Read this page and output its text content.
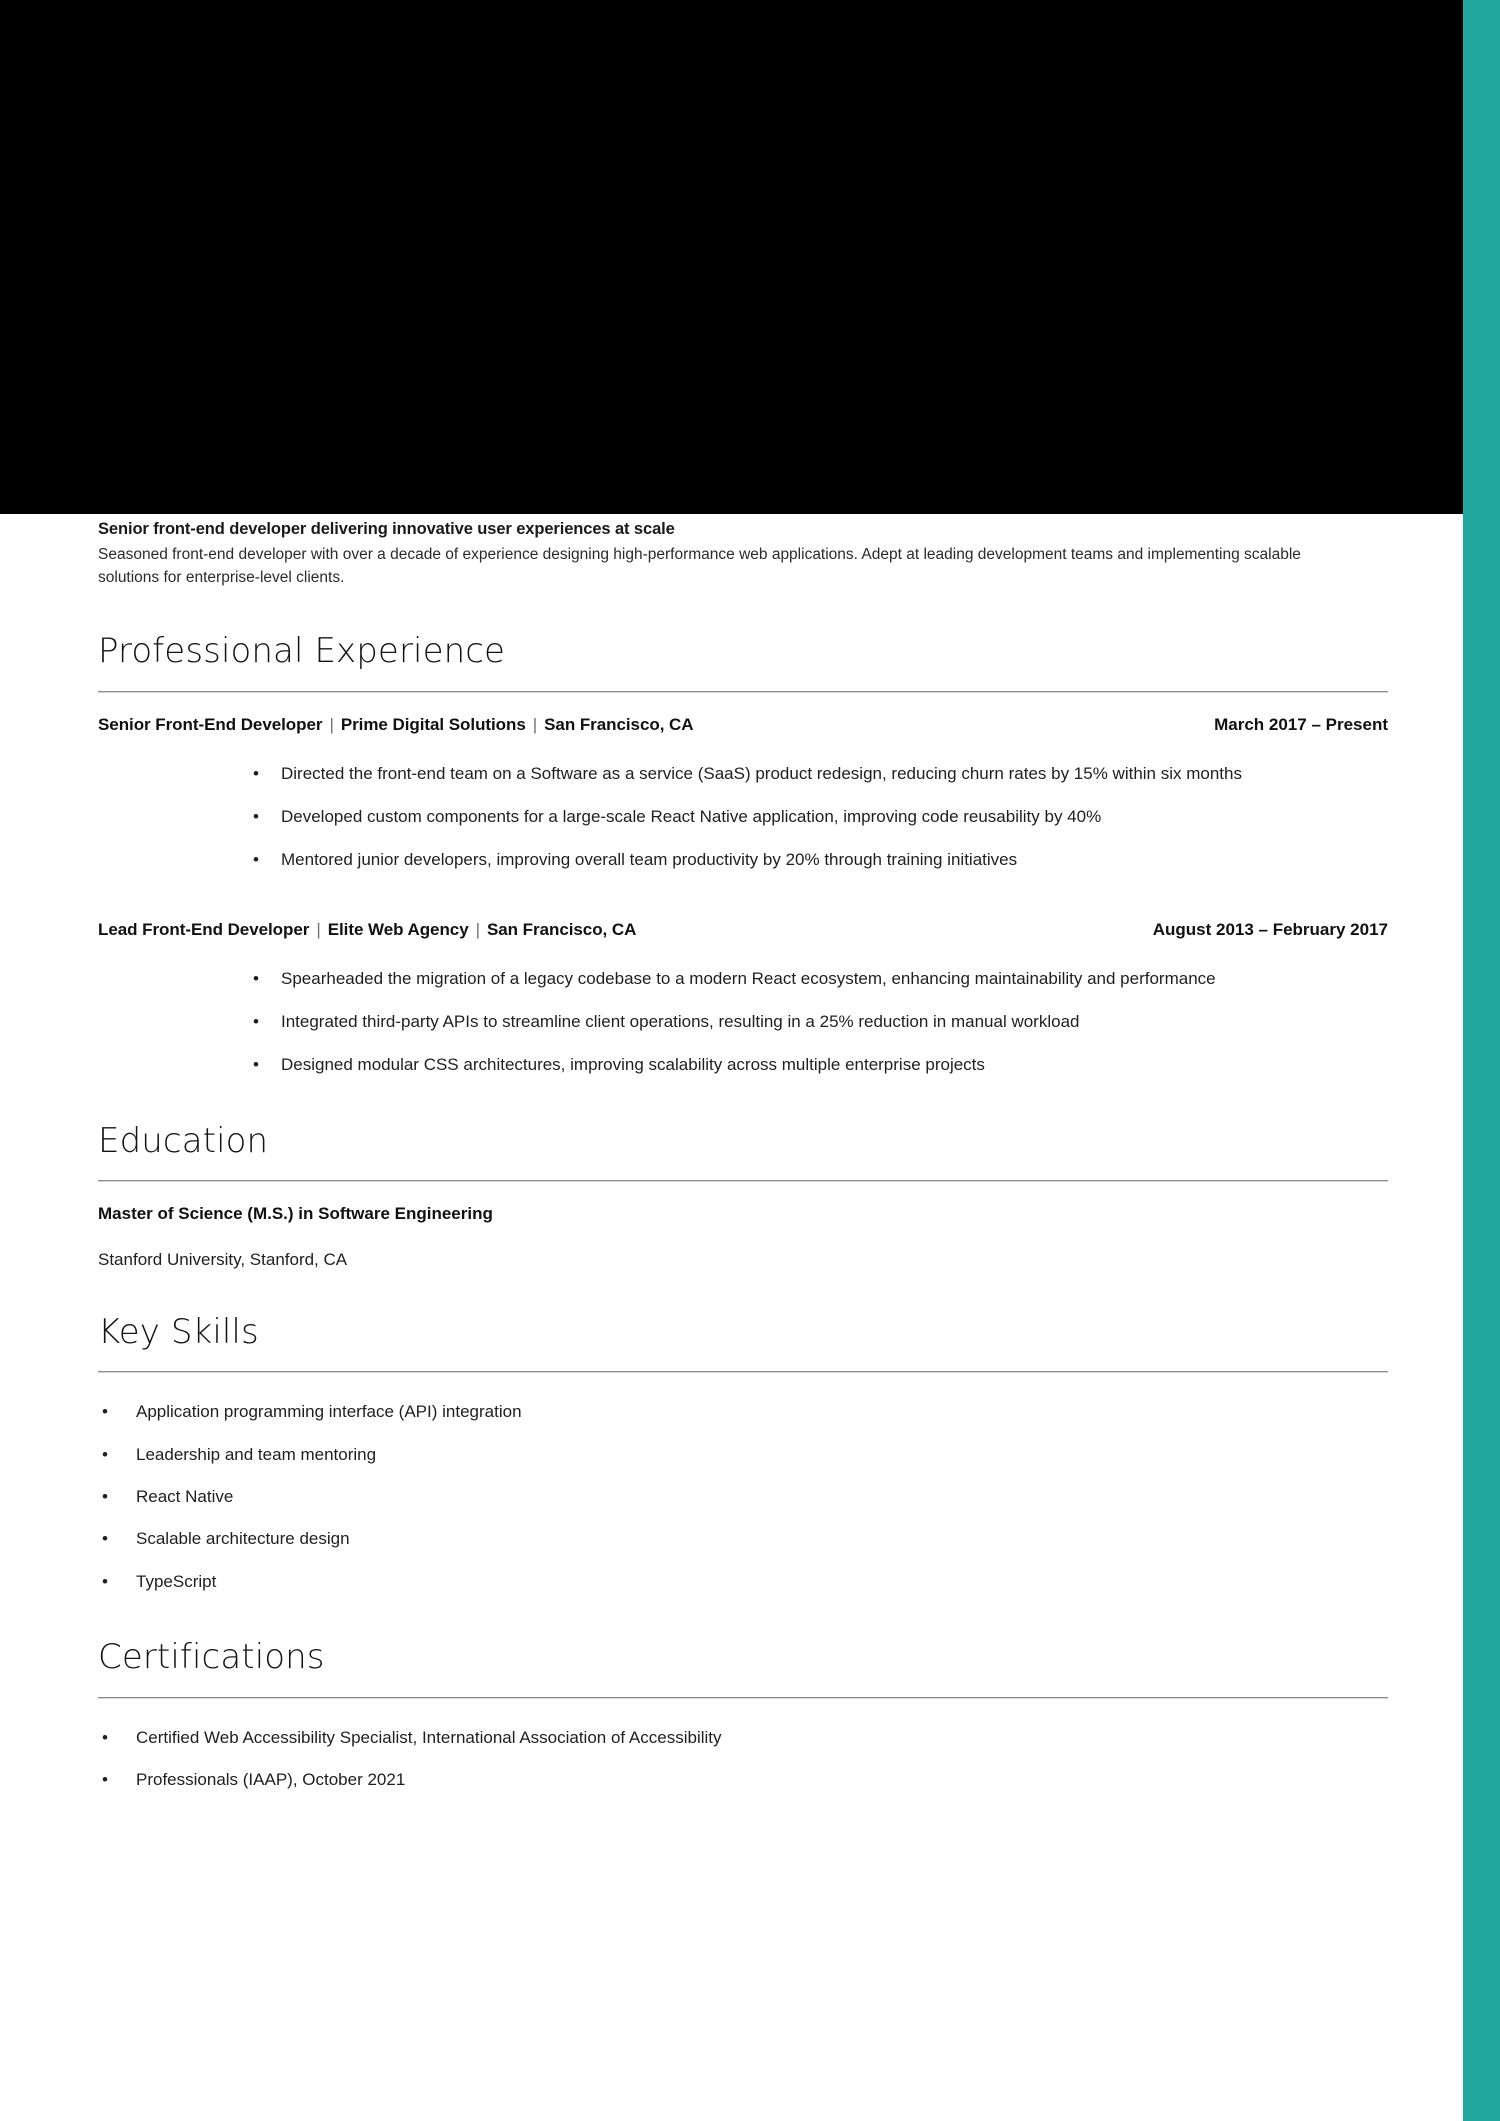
Senior front-end developer delivering innovative user experiences at scale

Seasoned front-end developer with over a decade of experience designing high-performance web applications. Adept at leading development teams and implementing scalable solutions for enterprise-level clients.

Professional Experience
Senior Front-End Developer | Prime Digital Solutions | San Francisco, CA	March 2017 – Present
• Directed the front-end team on a Software as a service (SaaS) product redesign, reducing churn rates by 15% within six months
• Developed custom components for a large-scale React Native application, improving code reusability by 40%
• Mentored junior developers, improving overall team productivity by 20% through training initiatives
Lead Front-End Developer | Elite Web Agency | San Francisco, CA	August 2013 – February 2017
• Spearheaded the migration of a legacy codebase to a modern React ecosystem, enhancing maintainability and performance
• Integrated third-party APIs to streamline client operations, resulting in a 25% reduction in manual workload
• Designed modular CSS architectures, improving scalability across multiple enterprise projects
Education

Master of Science (M.S.) in Software Engineering

Stanford University, Stanford, CA

Key Skills
• Application programming interface (API) integration
• Leadership and team mentoring
• React Native
• Scalable architecture design
• TypeScript
Certifications
• Certified Web Accessibility Specialist, International Association of Accessibility
• Professionals (IAAP), October 2021
